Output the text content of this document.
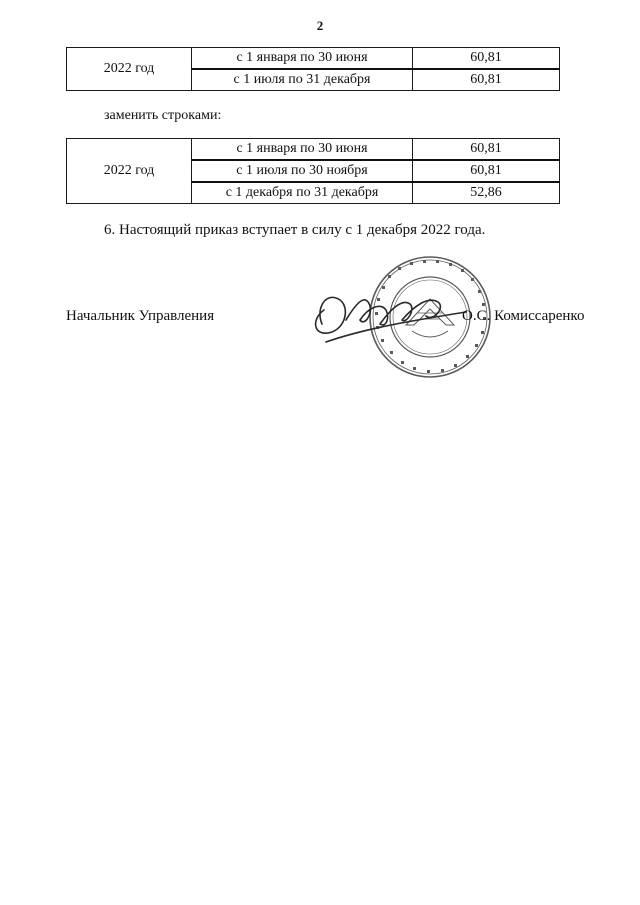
2
2022 год	с 1 января по 30 июня	60,81
	с 1 июля по 31 декабря	60,81
заменить строками:
2022 год	с 1 января по 30 июня	60,81
	с 1 июля по 30 ноября	60,81
	с 1 декабря по 31 декабря	52,86
6. Настоящий приказ вступает в силу с 1 декабря 2022 года.
Начальник Управления	О.С. Комиссаренко
